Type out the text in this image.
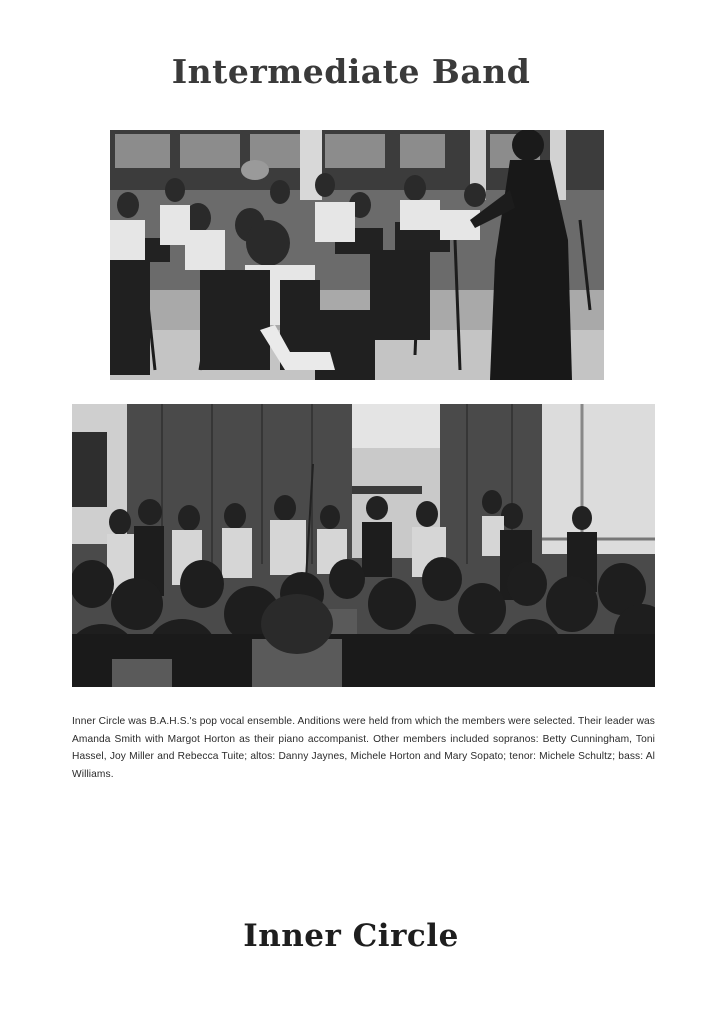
Intermediate Band
Inner Circle was B.A.H.S.'s pop vocal ensemble. Anditions were held from which the members were selected. Their leader was Amanda Smith with Margot Horton as their piano accompanist. Other members included sopranos: Betty Cunningham, Toni Hassel, Joy Miller and Rebecca Tuite; altos: Danny Jaynes, Michele Horton and Mary Sopato; tenor: Michele Schultz; bass: Al Williams.
Inner Circle
